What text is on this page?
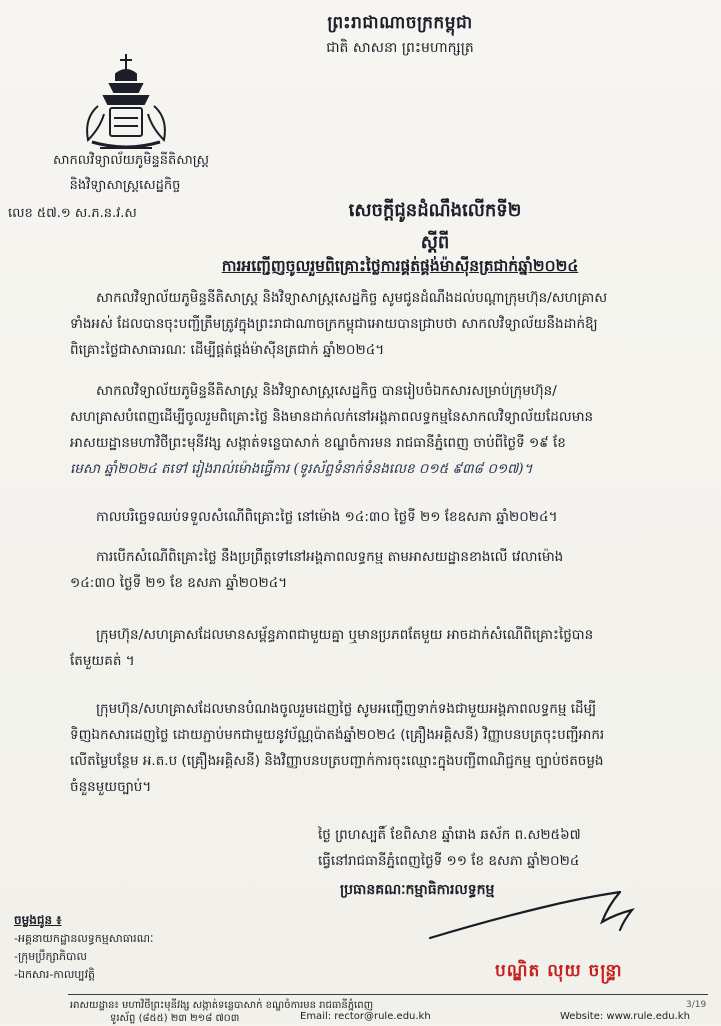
ព្រះរាជាណាចក្រកម្ពុជា
ជាតិ សាសនា ព្រះមហាក្សត្រ
សាកលវិទ្យាល័យភូមិន្ទនីតិសាស្ត្រ
និងវិទ្យាសាស្ត្រសេដ្ឋកិច្ច
លេខ ៥៧.១ ស.ភ.ន.វ.ស	សេចក្តីជូនដំណឹងលើកទី២
ស្តីពី
ការអញ្ជើញចូលរួមពិគ្រោះថ្លៃការផ្គត់ផ្គង់ម៉ាស៊ីនត្រជាក់ឆ្នាំ២០២៤
សាកលវិទ្យាល័យភូមិន្ទនីតិសាស្ត្រ និងវិទ្យាសាស្ត្រសេដ្ឋកិច្ច សូមជូនដំណឹងដល់បណ្តាក្រុមហ៊ុន/សហគ្រាស
ទាំងអស់ ដែលបានចុះបញ្ជីត្រឹមត្រូវក្នុងព្រះរាជាណាចក្រកម្ពុជាអោយបានជ្រាបថា សាកលវិទ្យាល័យនឹងដាក់ឱ្យ
ពិគ្រោះថ្លៃជាសាធារណៈ ដើម្បីផ្គត់ផ្គង់ម៉ាស៊ីនត្រជាក់ ឆ្នាំ២០២៤។
សាកលវិទ្យាល័យភូមិន្ទនីតិសាស្ត្រ និងវិទ្យាសាស្ត្រសេដ្ឋកិច្ច បានរៀបចំឯកសារសម្រាប់ក្រុមហ៊ុន/
សហគ្រាសបំពេញដើម្បីចូលរួមពិគ្រោះថ្លៃ និងមានដាក់លក់នៅអង្គភាពលទ្ធកម្មនៃសាកលវិទ្យាល័យដែលមាន
អាសយដ្ឋានមហាវិថីព្រះមុនីវង្ស សង្កាត់ទន្លេបាសាក់ ខណ្ឌចំការមន រាជធានីភ្នំពេញ ចាប់ពីថ្ងៃទី ១៩ ខែ
មេសា ឆ្នាំ២០២៤ តទៅ រៀងរាល់ម៉ោងធ្វើការ (ទូរស័ព្ទទំនាក់ទំនងលេខ ០១៥ ៩៣៨ ០១៧)។
កាលបរិច្ឆេទឈប់ទទួលសំណើពិគ្រោះថ្លៃ នៅម៉ោង ១៤:៣០ ថ្ងៃទី ២១ ខែឧសភា ឆ្នាំ២០២៤។
ការបើកសំណើពិគ្រោះថ្លៃ នឹងប្រព្រឹត្តទៅនៅអង្គភាពលទ្ធកម្ម តាមអាសយដ្ឋានខាងលើ វេលាម៉ោង
១៤:៣០ ថ្ងៃទី ២១ ខែ ឧសភា ឆ្នាំ២០២៤។
ក្រុមហ៊ុន/សហគ្រាសដែលមានសម្ព័ន្ធភាពជាមួយគ្នា ឬមានប្រភពតែមួយ អាចដាក់សំណើពិគ្រោះថ្លៃបាន
តែមួយគត់ ។
ក្រុមហ៊ុន/សហគ្រាសដែលមានបំណងចូលរួមដេញថ្លៃ សូមអញ្ជើញទាក់ទងជាមួយអង្គភាពលទ្ធកម្ម ដើម្បី
ទិញឯកសារដេញថ្លៃ ដោយភ្ជាប់មកជាមួយនូវប័ណ្ណប៉ាតង់ឆ្នាំ២០២៤ (គ្រឿងអគ្គិសនី) វិញ្ញាបនបត្រចុះបញ្ជីអាករ
លើតម្លៃបន្ថែម អ.ត.ប (គ្រឿងអគ្គិសនី) និងវិញ្ញាបនបត្របញ្ជាក់ការចុះឈ្មោះក្នុងបញ្ជីពាណិជ្ជកម្ម ច្បាប់ថតចម្លង
ចំនួនមួយច្បាប់។
ថ្ងៃ ព្រហស្បតិ៍ ខែពិសាខ ឆ្នាំរោង ឆស័ក ព.ស២៥៦៧
ធ្វើនៅរាជធានីភ្នំពេញថ្ងៃទី ១១ ខែ ឧសភា ឆ្នាំ២០២៤
ប្រធានគណៈកម្មាធិការលទ្ធកម្ម
ចម្លងជូន ៖
-អគ្គនាយកដ្ឋានលទ្ធកម្មសាធារណៈ
-ក្រុមប្រឹក្សាភិបាល
-ឯកសារ-កាលប្បវត្តិ	បណ្ឌិត លុយ ចន្ទ្រា
អាសយដ្ឋាន៖ មហាវិថីព្រះមុនីវង្ស សង្កាត់ទន្លេបាសាក់ ខណ្ឌចំការមន រាជធានីភ្នំពេញ
ទូរស័ព្ទ (៨៥៥) ២៣ ២១៨ ៧០៣	Email: rector@rule.edu.kh	Website: www.rule.edu.kh
3/19
